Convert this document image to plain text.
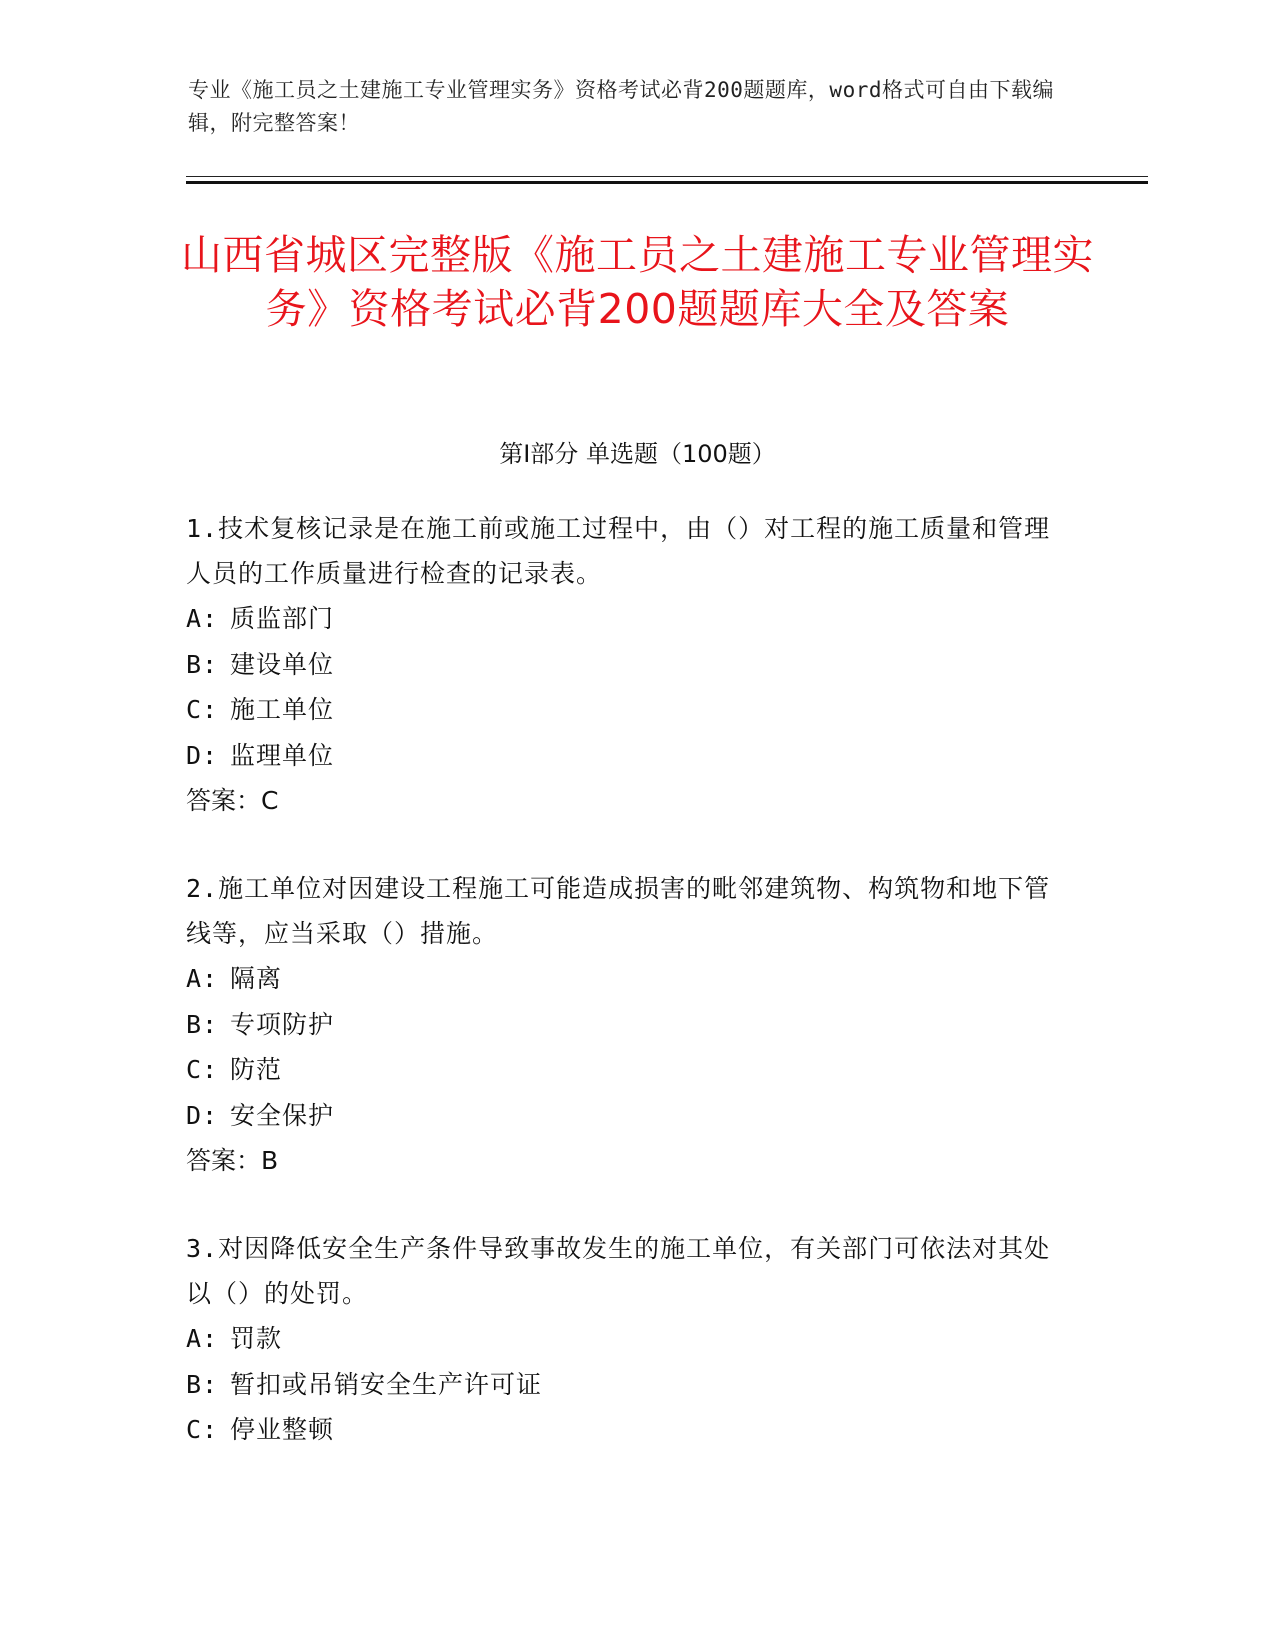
专业《施工员之土建施工专业管理实务》资格考试必背200题题库，word格式可自由下载编辑，附完整答案！
山西省城区完整版《施工员之土建施工专业管理实务》资格考试必背200题题库大全及答案
第Ⅰ部分 单选题（100题）
1.技术复核记录是在施工前或施工过程中，由（）对工程的施工质量和管理人员的工作质量进行检查的记录表。
A: 质监部门
B: 建设单位
C: 施工单位
D: 监理单位
答案：C
2.施工单位对因建设工程施工可能造成损害的毗邻建筑物、构筑物和地下管线等，应当采取（）措施。
A: 隔离
B: 专项防护
C: 防范
D: 安全保护
答案：B
3.对因降低安全生产条件导致事故发生的施工单位，有关部门可依法对其处以（）的处罚。
A: 罚款
B: 暂扣或吊销安全生产许可证
C: 停业整顿
